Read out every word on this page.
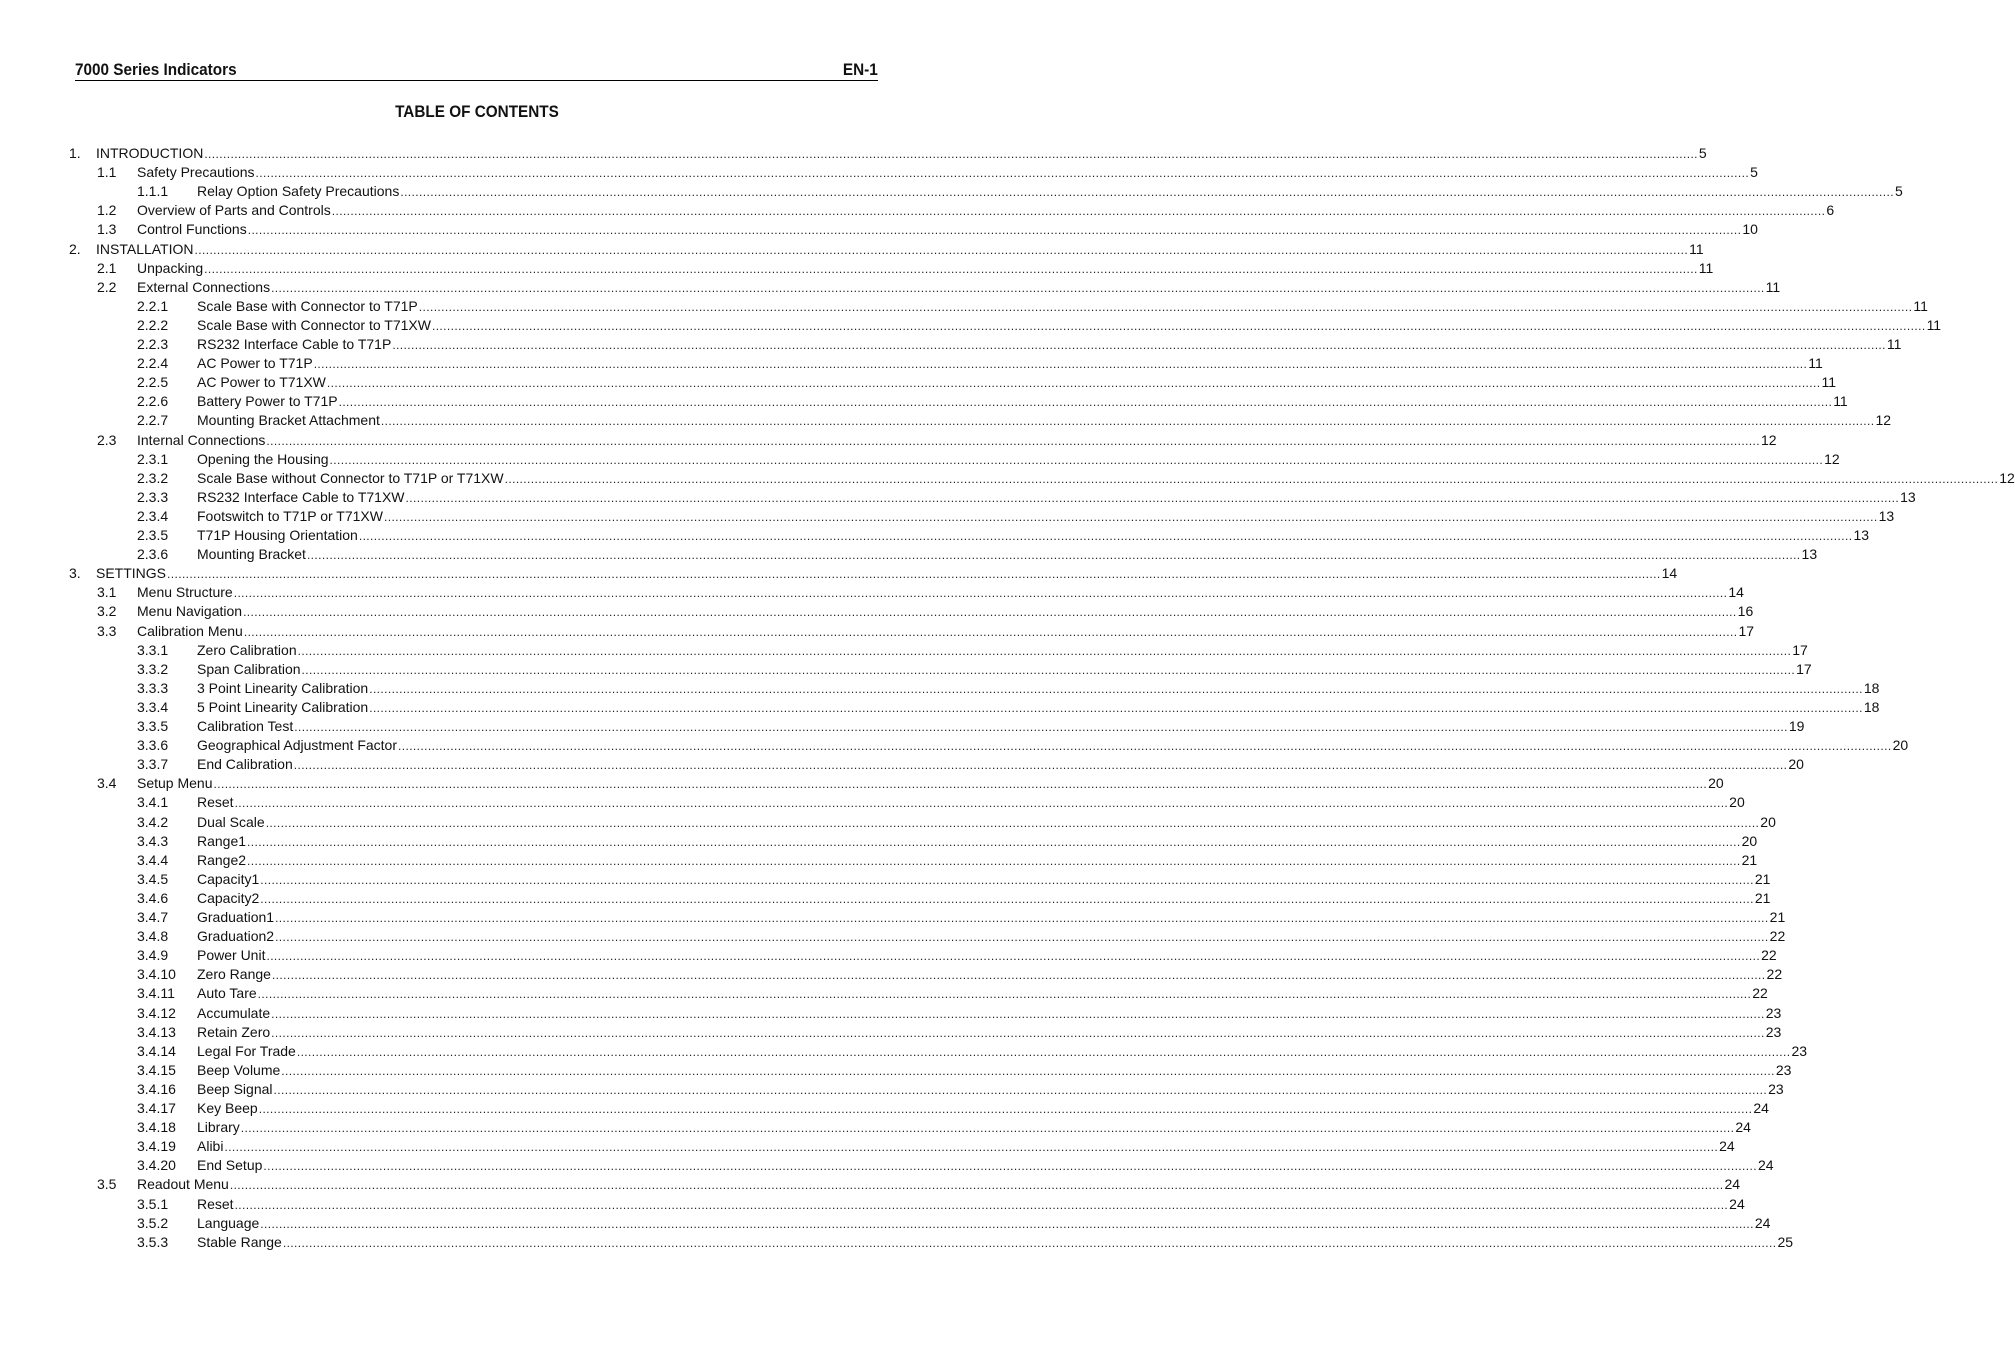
7000 Series Indicators	EN-1
TABLE OF CONTENTS
1. INTRODUCTION ................................................................................................................................................................................................................................................................................................................................................................................................................ 5
1.1 Safety Precautions ................................................................................................................................................................................................................................................................................................................................................................................................................ 5
1.1.1 Relay Option Safety Precautions ................................................................................................................................................................................................................................................................................................................................................................................................................ 5
1.2 Overview of Parts and Controls ................................................................................................................................................................................................................................................................................................................................................................................................................ 6
1.3 Control Functions ................................................................................................................................................................................................................................................................................................................................................................................................................ 10
2. INSTALLATION ................................................................................................................................................................................................................................................................................................................................................................................................................ 11
2.1 Unpacking ................................................................................................................................................................................................................................................................................................................................................................................................................ 11
2.2 External Connections ................................................................................................................................................................................................................................................................................................................................................................................................................ 11
2.2.1 Scale Base with Connector to T71P ................................................................................................................................................................................................................................................................................................................................................................................................................ 11
2.2.2 Scale Base with Connector to T71XW ................................................................................................................................................................................................................................................................................................................................................................................................................ 11
2.2.3 RS232 Interface Cable to T71P ................................................................................................................................................................................................................................................................................................................................................................................................................ 11
2.2.4 AC Power to T71P ................................................................................................................................................................................................................................................................................................................................................................................................................ 11
2.2.5 AC Power to T71XW ................................................................................................................................................................................................................................................................................................................................................................................................................ 11
2.2.6 Battery Power to T71P ................................................................................................................................................................................................................................................................................................................................................................................................................ 11
2.2.7 Mounting Bracket Attachment ................................................................................................................................................................................................................................................................................................................................................................................................................ 12
2.3 Internal Connections ................................................................................................................................................................................................................................................................................................................................................................................................................ 12
2.3.1 Opening the Housing ................................................................................................................................................................................................................................................................................................................................................................................................................ 12
2.3.2 Scale Base without Connector to T71P or T71XW ................................................................................................................................................................................................................................................................................................................................................................................................................ 12
2.3.3 RS232 Interface Cable to T71XW ................................................................................................................................................................................................................................................................................................................................................................................................................ 13
2.3.4 Footswitch to T71P or T71XW ................................................................................................................................................................................................................................................................................................................................................................................................................ 13
2.3.5 T71P Housing Orientation ................................................................................................................................................................................................................................................................................................................................................................................................................ 13
2.3.6 Mounting Bracket ................................................................................................................................................................................................................................................................................................................................................................................................................ 13
3. SETTINGS ................................................................................................................................................................................................................................................................................................................................................................................................................ 14
3.1 Menu Structure ................................................................................................................................................................................................................................................................................................................................................................................................................ 14
3.2 Menu Navigation ................................................................................................................................................................................................................................................................................................................................................................................................................ 16
3.3 Calibration Menu ................................................................................................................................................................................................................................................................................................................................................................................................................ 17
3.3.1 Zero Calibration ................................................................................................................................................................................................................................................................................................................................................................................................................ 17
3.3.2 Span Calibration ................................................................................................................................................................................................................................................................................................................................................................................................................ 17
3.3.3 3 Point Linearity Calibration ................................................................................................................................................................................................................................................................................................................................................................................................................ 18
3.3.4 5 Point Linearity Calibration ................................................................................................................................................................................................................................................................................................................................................................................................................ 18
3.3.5 Calibration Test ................................................................................................................................................................................................................................................................................................................................................................................................................ 19
3.3.6 Geographical Adjustment Factor ................................................................................................................................................................................................................................................................................................................................................................................................................ 20
3.3.7 End Calibration ................................................................................................................................................................................................................................................................................................................................................................................................................ 20
3.4 Setup Menu ................................................................................................................................................................................................................................................................................................................................................................................................................ 20
3.4.1 Reset ................................................................................................................................................................................................................................................................................................................................................................................................................ 20
3.4.2 Dual Scale ................................................................................................................................................................................................................................................................................................................................................................................................................ 20
3.4.3 Range1 ................................................................................................................................................................................................................................................................................................................................................................................................................ 20
3.4.4 Range2 ................................................................................................................................................................................................................................................................................................................................................................................................................ 21
3.4.5 Capacity1 ................................................................................................................................................................................................................................................................................................................................................................................................................ 21
3.4.6 Capacity2 ................................................................................................................................................................................................................................................................................................................................................................................................................ 21
3.4.7 Graduation1 ................................................................................................................................................................................................................................................................................................................................................................................................................ 21
3.4.8 Graduation2 ................................................................................................................................................................................................................................................................................................................................................................................................................ 22
3.4.9 Power Unit ................................................................................................................................................................................................................................................................................................................................................................................................................ 22
3.4.10 Zero Range ................................................................................................................................................................................................................................................................................................................................................................................................................ 22
3.4.11 Auto Tare ................................................................................................................................................................................................................................................................................................................................................................................................................ 22
3.4.12 Accumulate ................................................................................................................................................................................................................................................................................................................................................................................................................ 23
3.4.13 Retain Zero ................................................................................................................................................................................................................................................................................................................................................................................................................ 23
3.4.14 Legal For Trade ................................................................................................................................................................................................................................................................................................................................................................................................................ 23
3.4.15 Beep Volume ................................................................................................................................................................................................................................................................................................................................................................................................................ 23
3.4.16 Beep Signal ................................................................................................................................................................................................................................................................................................................................................................................................................ 23
3.4.17 Key Beep ................................................................................................................................................................................................................................................................................................................................................................................................................ 24
3.4.18 Library ................................................................................................................................................................................................................................................................................................................................................................................................................ 24
3.4.19 Alibi ................................................................................................................................................................................................................................................................................................................................................................................................................ 24
3.4.20 End Setup ................................................................................................................................................................................................................................................................................................................................................................................................................ 24
3.5 Readout Menu ................................................................................................................................................................................................................................................................................................................................................................................................................ 24
3.5.1 Reset ................................................................................................................................................................................................................................................................................................................................................................................................................ 24
3.5.2 Language ................................................................................................................................................................................................................................................................................................................................................................................................................ 24
3.5.3 Stable Range ................................................................................................................................................................................................................................................................................................................................................................................................................ 25
